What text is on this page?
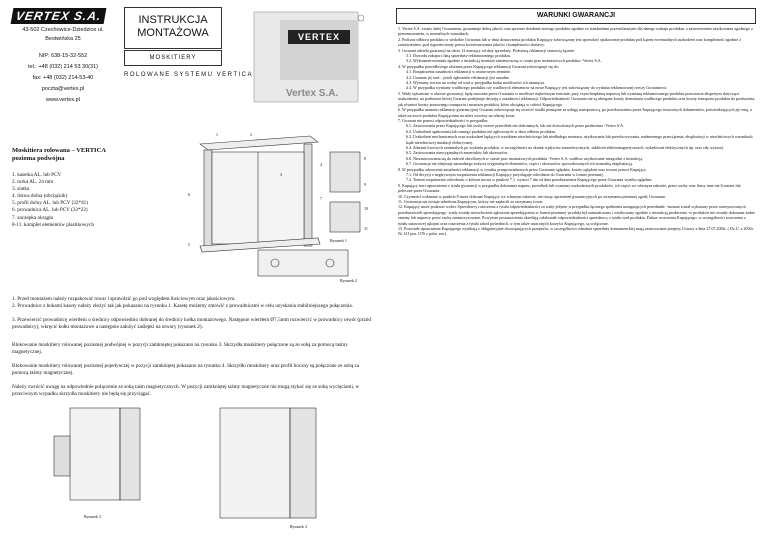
VERTEX S.A.
43-502 Czechowice-Dziedzice ul. Bestwińska 25
NIP: 638-15-32-552
tel.: +48 (032) 214 53 30(31)
fax: +48 (032) 214-53-40
poczta@vertex.pl
www.vertex.pl
INSTRUKCJA
MONTAŻOWA
MOSKITIERY
ROLOWANE SYSTEMU VERTICA
VERTEX
Vertex S.A.
Moskitiera rolowana – VERTICA
pozioma podwójna
1. kasetka AL. lub PCV
2. rurka AL. 24 mm
3. siatka
4. listwa dolna (obciążnik)
5. profil dolny AL. lub PCV (32*41)
6. prowadnica AL. lub PCV (32*22)
7. zaczepka okrągła
8-11. komplet elementów plastikowych
Rysunek 1
Rysunek 2
1	2
3
4
5
6
7
8
9
10
11
1. Przed montażem należy rozpakować towar i sprawdzić go pod względem ilościowym oraz jakościowym.
2. Prowadnice z bokami kasety należy złożyć tak jak pokazano na rysunku 1. Kasetę możemy zmówić z prowadnicami w celu uzyskania stabilniejszego połączenia.
3. Przewiercić prowadnicę wiertłem o średnicy odpowiednio dobranej do średnicy kołka montażowego. Następnie wiertłem Ø7,5mm rozwiercić w prowadnicy otwór (przód prowadnicy), wkręcić kołki montażowe a następnie założyć zaślepki na otwory (rysunek 2).
Blokowanie moskitiery rolowanej poziomej podwójnej w pozycji zamkniętej pokazano na rysunku 3. Skrzydła moskitiery połączone są ze sobą za pomocą taśmy magnetycznej.
Blokowanie moskitiery rolowanej poziomej pojedynczej w pozycji zamkniętej pokazano na rysunku 4. Skrzydło moskitiery oraz profil boczny są połączone ze sobą za pomocą taśmy magnetycznej.
Należy zwrócić uwagę na odpowiednie połączenie ze sobą taśm magnetycznych. W pozycji zamkniętej taśmy magnetyczne nie mogą stykać się ze sobą wycięciami, w przeciwnym wypadku skrzydła moskitiery nie będą się przyciągać.
Rysunek 3
Rysunek 4
WARUNKI GWARANCJI
1. Vertex S.A. zwany dalej Gwarantem, gwarantuje dobrą jakość oraz sprawne działanie nowego produktu zgodnie ze standardami przewidzianymi dla danego rodzaju produktu, z zastrzeżeniem użytkowania zgodnego z przeznaczeniem, w normalnych warunkach.
2. Podczas odbioru produktu w siedzibie Gwaranta lub w dniu dostarczenia produktu Kupujący zobowiązany jest sprawdzić opakowanie produktu pod kątem ewentualnych uszkodzeń oraz kompletność zgodnie z zamówieniem, pod rygorem utraty prawa kwestionowania jakości i kompletności dostawy.
3. Gwarant udziela gwarancji na okres 12 miesięcy od daty sprzedaży. Podstawą reklamacji stanowią łącznie:
3.1. Dowodu zakupu z datą sprzedaży reklamowanego produktu.
3.2. Wykonanie montażu zgodnie z instrukcją montażu zamieszczoną w czasie prac montażowych produktu -Vertex S.A.
4. W przypadku prawidłowego złożenia przez Kupującego reklamacji Gwarant zobowiązuje się do:
4.1. Rozpatrzenia zasadności reklamacji w ustawowym terminie.
4.2. Uznania jej wad – jeżeli zgłoszenie reklamacji jest zasadne.
4.3. Wymiany towaru na wolny od wad w przypadku braku możliwości ich usunięcia.
4.4. W przypadku wymiany wadliwego produktu czy wadliwych elementów na nowe Kupujący jest zobowiązany do wydania reklamowanej rzeczy Gwarantowi.
5. Wady ujawnione w okresie gwarancji, będą usuwane przez Gwaranta w możliwie najkrótszym terminie, przy czym bezpłatną naprawę lub wymianę reklamowanego produktu pozostawia ekspertyza dotycząca uszkodzenia, na podstawie której Gwarant podejmuje decyzję o zasadności reklamacji. Odpowiedzialność Gwaranta nie są ubiegane koszty demontażu wadliwego produktu oraz koszty transportu produktu do producenta, jak również koszty ponownego transportu i montażu produktu, które obciążają w całości Kupującego.
6. W przypadku uznania reklamacji gwarancyjnej Gwarant zobowiązuje się zwrócić środki pieniężne za usługę transportową, po przedstawieniu przez Kupującego stosownych dokumentów, potwierdzających jej cenę, a także na zwrot produktu Kupującemu na adres zwrotny na własny koszt.
7. Gwarant nie ponosi odpowiedzialności w przypadku:
6.1. Zastosowania przez Kupującego lub osoby trzecie przeróbek nie dokonanych, lub nie dozwolonych przez producenta -Vertex S.A.
6.2. Uszkodzeń spakowania lub samego produktu nie zgłoszonych w dniu odbioru produktu.
6.3. Uszkodzeń mechanicznych oraz uszkodzeń będących wynikiem niewłaściwego lub niedbałego montażu, użytkowania lub przechowywania, nadmiernego przeciążenia, eksploatacji w niewłaściwych warunkach bądź niewłaściwej instalacji elektrycznej.
6.4. Zdarzeń losowych zaistniałych po wydaniu produktu, w szczególności na skutek wpływów atmosferycznych, zakłóceń elektromagnetycznych, wyładowań elektrycznych itp. oraz siły wyższej.
6.5. Zastosowania nieoryginalnych materiałów lub akcesoriów.
6.6. Niezastosowania się do zaleceń określonych w czasie prac montażowych produktu -Vertex S.A. wadliwe użytkowanie niezgodne z instrukcją.
6.7. Gwarancja nie obejmuje naturalnego zużycia oryginalnych elementów, części i akcesoriów spowodowanych ich normalną eksploatacją.
8. W przypadku odrzucenia zasadności reklamacji w wyniku przeprowadzonych przez Gwaranta oględzin, koszty oględzin oraz towaru ponosi Kupujący.
7.1. Od decyzji o negatywnym rozpatrzeniu reklamacji Kupujący przysługuje odwołanie do Gwaranta w formie pisemnej.
7.2. Termin rozpatrzenia odwołania, o którym mowa w punkcie 7.1. wynosi 7 dni od dnia przedstawienia Kupującego przez Gwaranta wyniku oględzin.
9. Kupujący traci uprawnienia z tytułu gwarancji w przypadku dokonania napraw, przeróbek lub wymiany uszkodzonych produktów, ich części we własnym zakresie, przez osoby oraz firmy inne niż Gwarant lub polecone przez Gwaranta.
10. Czynności wskazane w punkcie 8 może dokonać Kupujący we własnym zakresie, nie tracąc uprawnień gwarancyjnych po otrzymaniu pisemnej zgody Gwaranta.
11. Gwarancja nie zostaje udzielona Kupującym, którzy nie zapłacili za otrzymany towar.
12. Kupujący może podawać wobec Sprzedawcy roszczenia z tytułu odpowiedzialności za wady jedynie w przypadku łącznego spełnienia następujących przesłanek: -montaż został wykonany przez autoryzowanych przedstawicieli sprzedającego -wady zostały niezwłocznie zgłoszone sprzedającemu w formie pisemnej -produkt był zainstalowany i użytkowany zgodnie z instrukcją producenta -w produkcie nie zostały dokonane żadne zmiany lub naprawy przez osoby nieautoryzowane. Powyższe postanowienia określają całokształt odpowiedzialności sprzedawcy z tytułu wad produktu. Dalsze roszczenia Kupującego, w szczególności roszczenia z tytułu ustawowej rękojmi oraz roszczenia z tytułu szkód pośrednich, w tym także utraconych korzyści Kupującego, są wyłączone.
13. Pozostałe uprawnienia Kupującego wynikają z obligatoryjnie obowiązujących przepisów, w szczególności odnośnie sprzedaży konsumenckiej mają zastosowanie przepisy Ustawy z dnia 27.07.2002r. ( Dz.U. z 2002r. Nr 141 poz.1176 z późn. zm.).
